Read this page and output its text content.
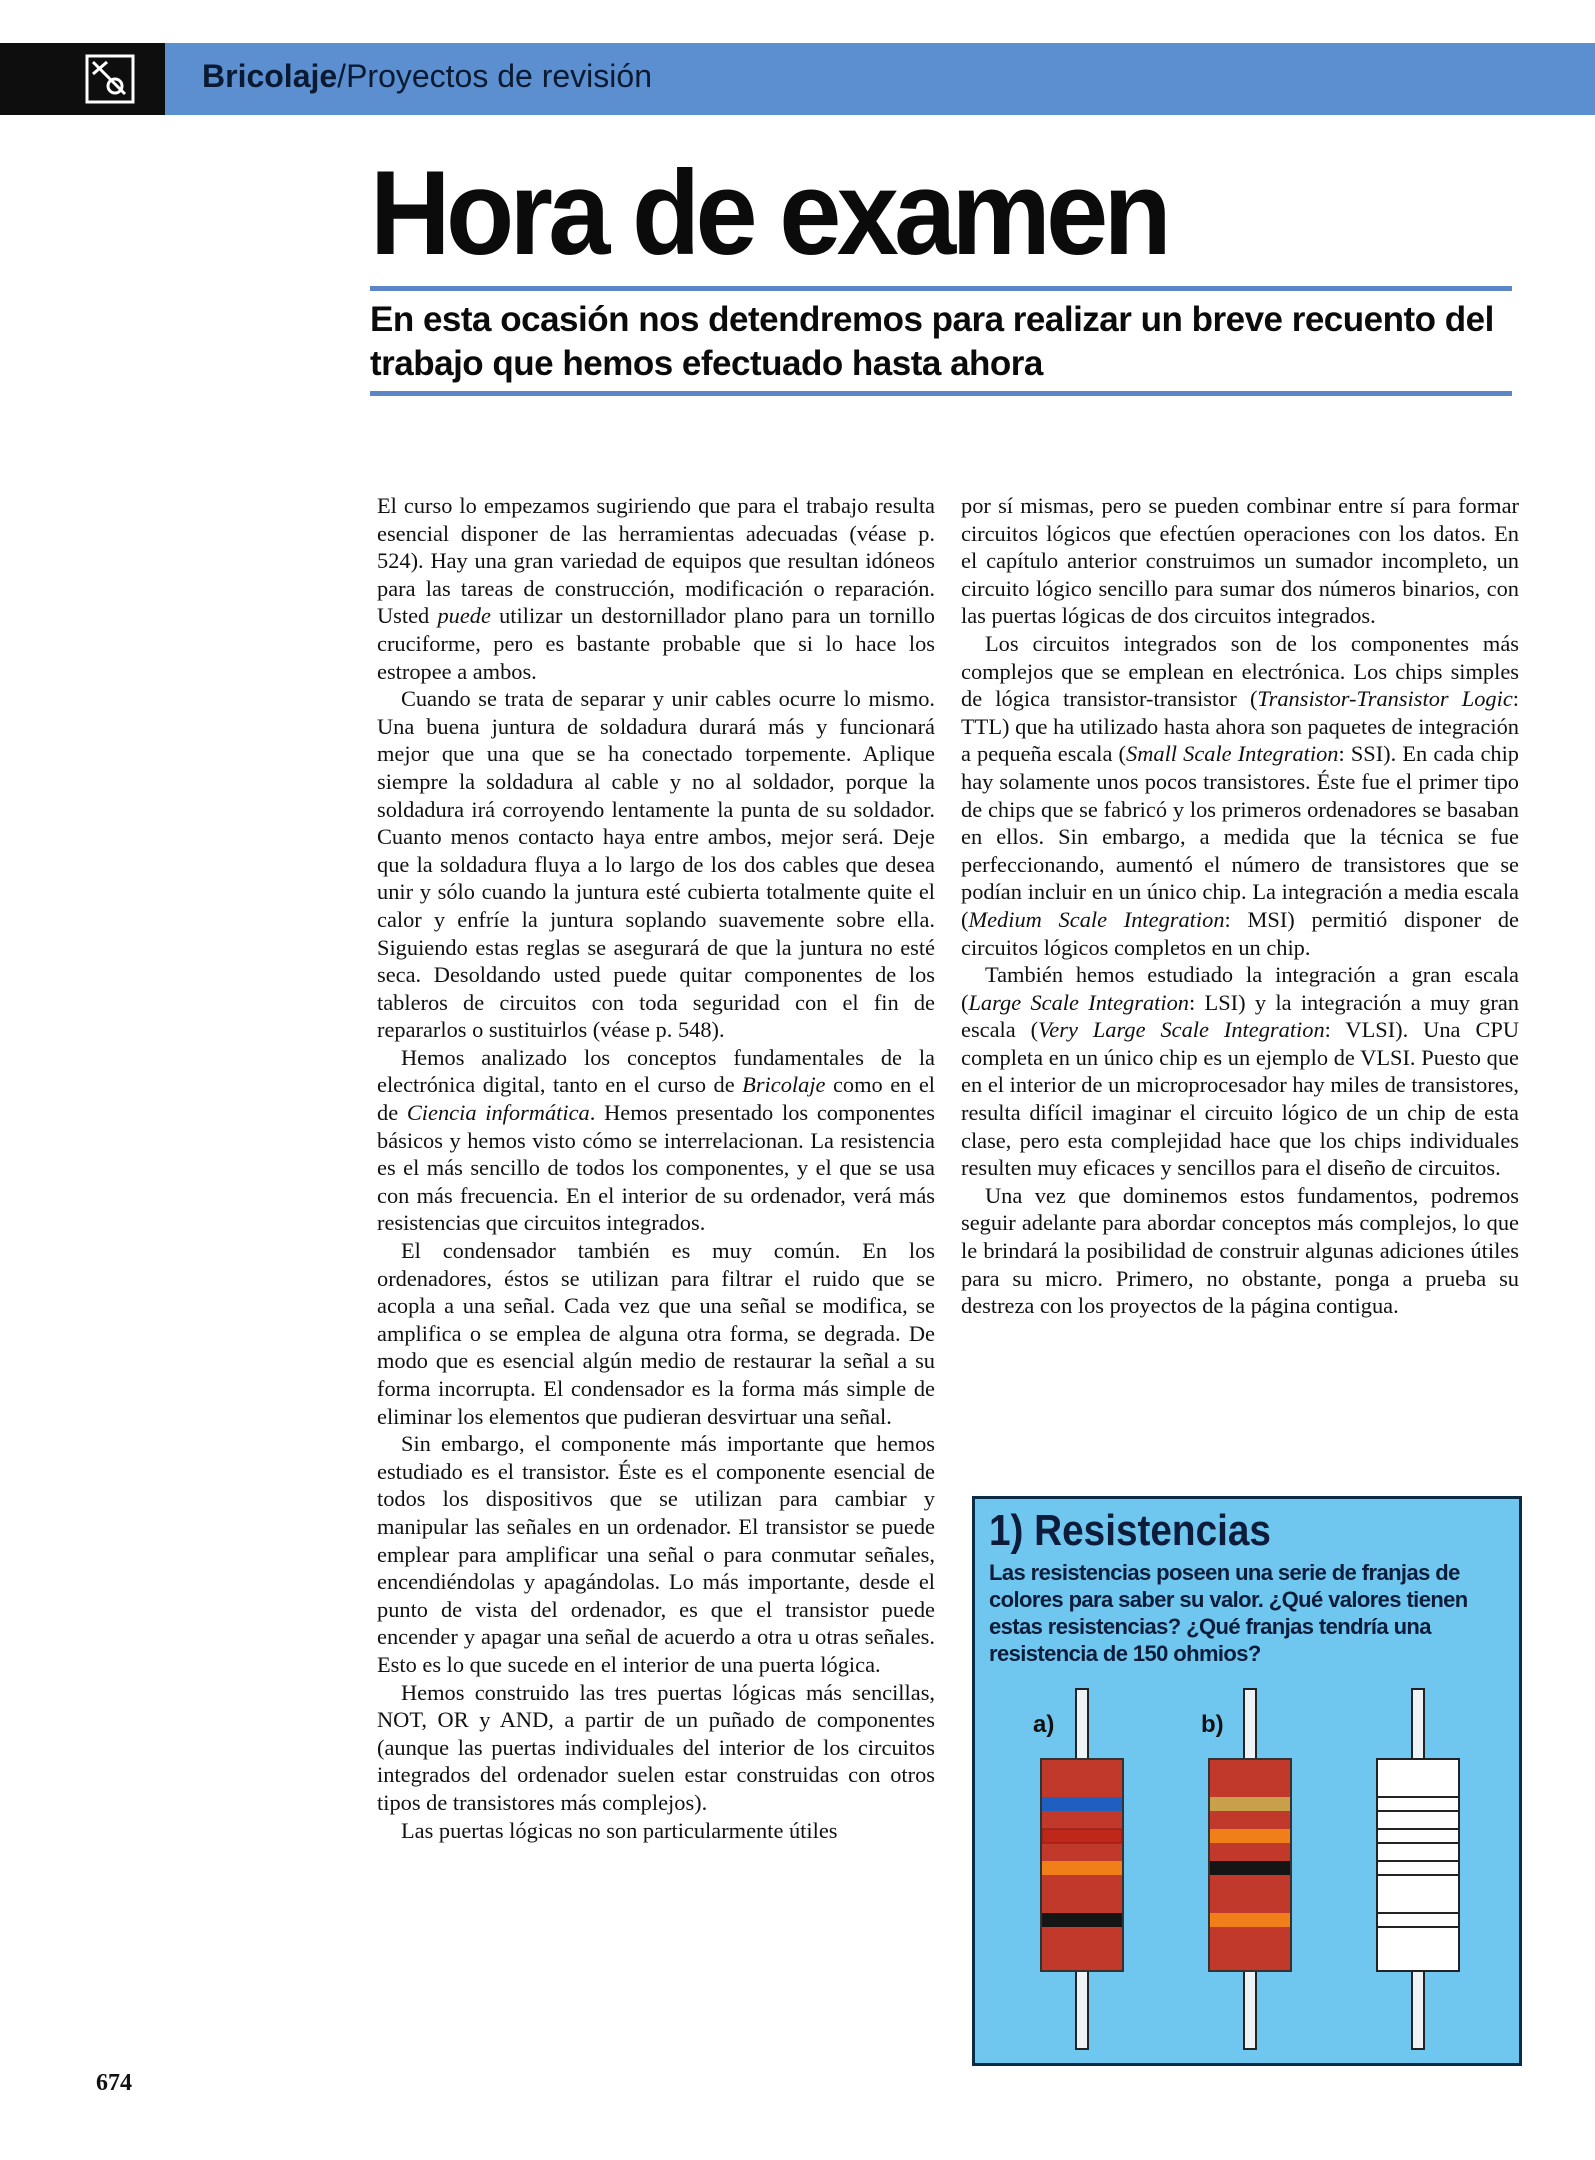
Bricolaje/Proyectos de revisión
Hora de examen
En esta ocasión nos detendremos para realizar un breve recuento del trabajo que hemos efectuado hasta ahora

El curso lo empezamos sugiriendo que para el trabajo resulta esencial disponer de las herramientas adecuadas (véase p. 524). Hay una gran variedad de equipos que resultan idóneos para las tareas de construcción, modificación o reparación. Usted puede utilizar un destornillador plano para un tornillo cruciforme, pero es bastante probable que si lo hace los estropee a ambos.

Cuando se trata de separar y unir cables ocurre lo mismo. Una buena juntura de soldadura durará más y funcionará mejor que una que se ha conectado torpemente. Aplique siempre la soldadura al cable y no al soldador, porque la soldadura irá corroyendo lentamente la punta de su soldador. Cuanto menos contacto haya entre ambos, mejor será. Deje que la soldadura fluya a lo largo de los dos cables que desea unir y sólo cuando la juntura esté cubierta totalmente quite el calor y enfríe la juntura soplando suavemente sobre ella. Siguiendo estas reglas se asegurará de que la juntura no esté seca. Desoldando usted puede quitar componentes de los tableros de circuitos con toda seguridad con el fin de repararlos o sustituirlos (véase p. 548).

Hemos analizado los conceptos fundamentales de la electrónica digital, tanto en el curso de Bricolaje como en el de Ciencia informática. Hemos presentado los componentes básicos y hemos visto cómo se interrelacionan. La resistencia es el más sencillo de todos los componentes, y el que se usa con más frecuencia. En el interior de su ordenador, verá más resistencias que circuitos integrados.

El condensador también es muy común. En los ordenadores, éstos se utilizan para filtrar el ruido que se acopla a una señal. Cada vez que una señal se modifica, se amplifica o se emplea de alguna otra forma, se degrada. De modo que es esencial algún medio de restaurar la señal a su forma incorrupta. El condensador es la forma más simple de eliminar los elementos que pudieran desvirtuar una señal.

Sin embargo, el componente más importante que hemos estudiado es el transistor. Éste es el componente esencial de todos los dispositivos que se utilizan para cambiar y manipular las señales en un ordenador. El transistor se puede emplear para amplificar una señal o para conmutar señales, encendiéndolas y apagándolas. Lo más importante, desde el punto de vista del ordenador, es que el transistor puede encender y apagar una señal de acuerdo a otra u otras señales. Esto es lo que sucede en el interior de una puerta lógica.

Hemos construido las tres puertas lógicas más sencillas, NOT, OR y AND, a partir de un puñado de componentes (aunque las puertas individuales del interior de los circuitos integrados del ordenador suelen estar construidas con otros tipos de transistores más complejos).

Las puertas lógicas no son particularmente útiles

por sí mismas, pero se pueden combinar entre sí para formar circuitos lógicos que efectúen operaciones con los datos. En el capítulo anterior construimos un sumador incompleto, un circuito lógico sencillo para sumar dos números binarios, con las puertas lógicas de dos circuitos integrados.

Los circuitos integrados son de los componentes más complejos que se emplean en electrónica. Los chips simples de lógica transistor-transistor (Transistor-Transistor Logic: TTL) que ha utilizado hasta ahora son paquetes de integración a pequeña escala (Small Scale Integration: SSI). En cada chip hay solamente unos pocos transistores. Éste fue el primer tipo de chips que se fabricó y los primeros ordenadores se basaban en ellos. Sin embargo, a medida que la técnica se fue perfeccionando, aumentó el número de transistores que se podían incluir en un único chip. La integración a media escala (Medium Scale Integration: MSI) permitió disponer de circuitos lógicos completos en un chip.

También hemos estudiado la integración a gran escala (Large Scale Integration: LSI) y la integración a muy gran escala (Very Large Scale Integration: VLSI). Una CPU completa en un único chip es un ejemplo de VLSI. Puesto que en el interior de un microprocesador hay miles de transistores, resulta difícil imaginar el circuito lógico de un chip de esta clase, pero esta complejidad hace que los chips individuales resulten muy eficaces y sencillos para el diseño de circuitos.

Una vez que dominemos estos fundamentos, podremos seguir adelante para abordar conceptos más complejos, lo que le brindará la posibilidad de construir algunas adiciones útiles para su micro. Primero, no obstante, ponga a prueba su destreza con los proyectos de la página contigua.

1) Resistencias

Las resistencias poseen una serie de franjas de colores para saber su valor. ¿Qué valores tienen estas resistencias? ¿Qué franjas tendría una resistencia de 150 ohmios?

a)	b)
674
